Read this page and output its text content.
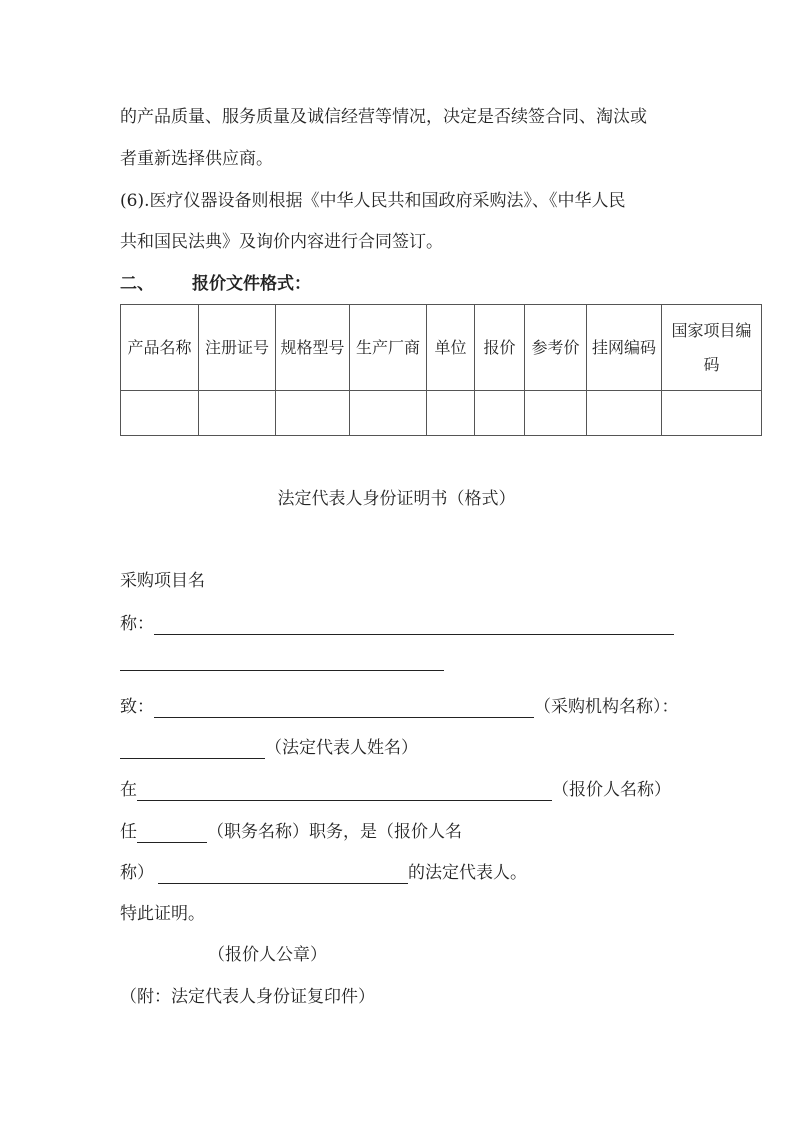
的产品质量、服务质量及诚信经营等情况，决定是否续签合同、淘汰或
者重新选择供应商。
(6).医疗仪器设备则根据《中华人民共和国政府采购法》、《中华人民
共和国民法典》及询价内容进行合同签订。
二、 报价文件格式：
产品名称	注册证号	规格型号	生产厂商	单位	报价	参考价	挂网编码	国家项目编码

法定代表人身份证明书（格式）
采购项目名
称：
致：	（采购机构名称）：
（法定代表人姓名）
在	（报价人名称）
任	（职务名称）职务，是（报价人名
称）	的法定代表人。
特此证明。
（报价人公章）
（附：法定代表人身份证复印件）
